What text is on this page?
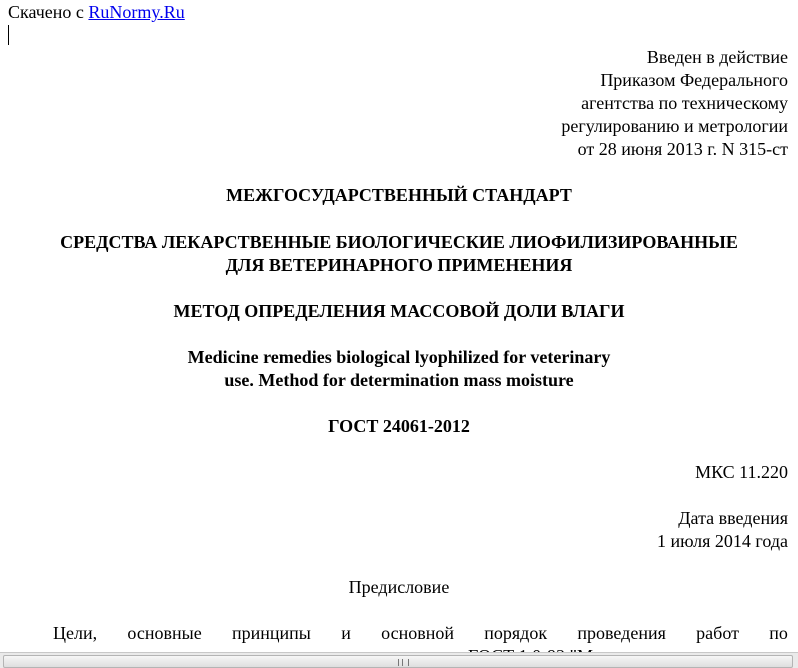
Скачено с RuNormy.Ru
Введен в действие
Приказом Федерального
агентства по техническому
регулированию и метрологии
от 28 июня 2013 г. N 315-ст
МЕЖГОСУДАРСТВЕННЫЙ СТАНДАРТ
СРЕДСТВА ЛЕКАРСТВЕННЫЕ БИОЛОГИЧЕСКИЕ ЛИОФИЛИЗИРОВАННЫЕ
ДЛЯ ВЕТЕРИНАРНОГО ПРИМЕНЕНИЯ
МЕТОД ОПРЕДЕЛЕНИЯ МАССОВОЙ ДОЛИ ВЛАГИ
Medicine remedies biological lyophilized for veterinary
use. Method for determination mass moisture
ГОСТ 24061-2012
МКС 11.220
Дата введения
1 июля 2014 года
Предисловие
Цели, основные принципы и основной порядок проведения работ по
